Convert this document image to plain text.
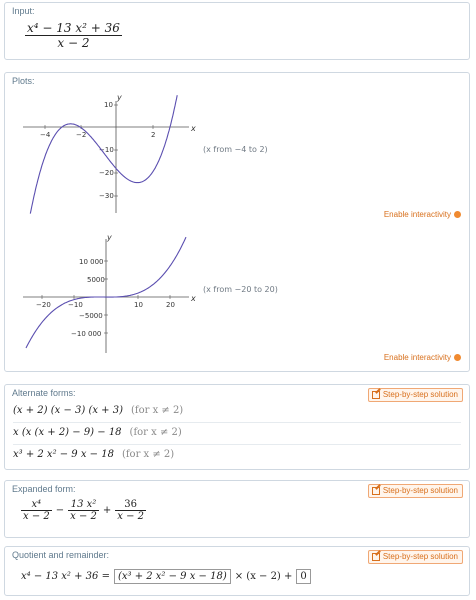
Input:
$\frac{\text{x⁴ − 13 x² + 36}}{x - 2}$
Plots:
−4	−2	2
10
−10
−20
−30
x
y
(x from −4 to 2)
Enable interactivity
−20 −10	10	20
10 000
5000
−5000
−10 000
x
y
(x from −20 to 20)
Enable interactivity
Alternate forms:	Step-by-step solution
(x + 2) (x − 3) (x + 3) (for x ≠ 2)
x (x (x + 2) − 9) − 18 (for x ≠ 2)
x³ + 2 x² − 9 x − 18 (for x ≠ 2)
Expanded form:	Step-by-step solution
$\frac{\text{x⁴}}{x - 2} - \frac{\text{13 x²}}{x - 2} + \frac{36}{x - 2}$
Quotient and remainder:	Step-by-step solution
x⁴ − 13 x² + 36 = (x³ + 2 x² − 9 x − 18) × (x − 2) + 0
